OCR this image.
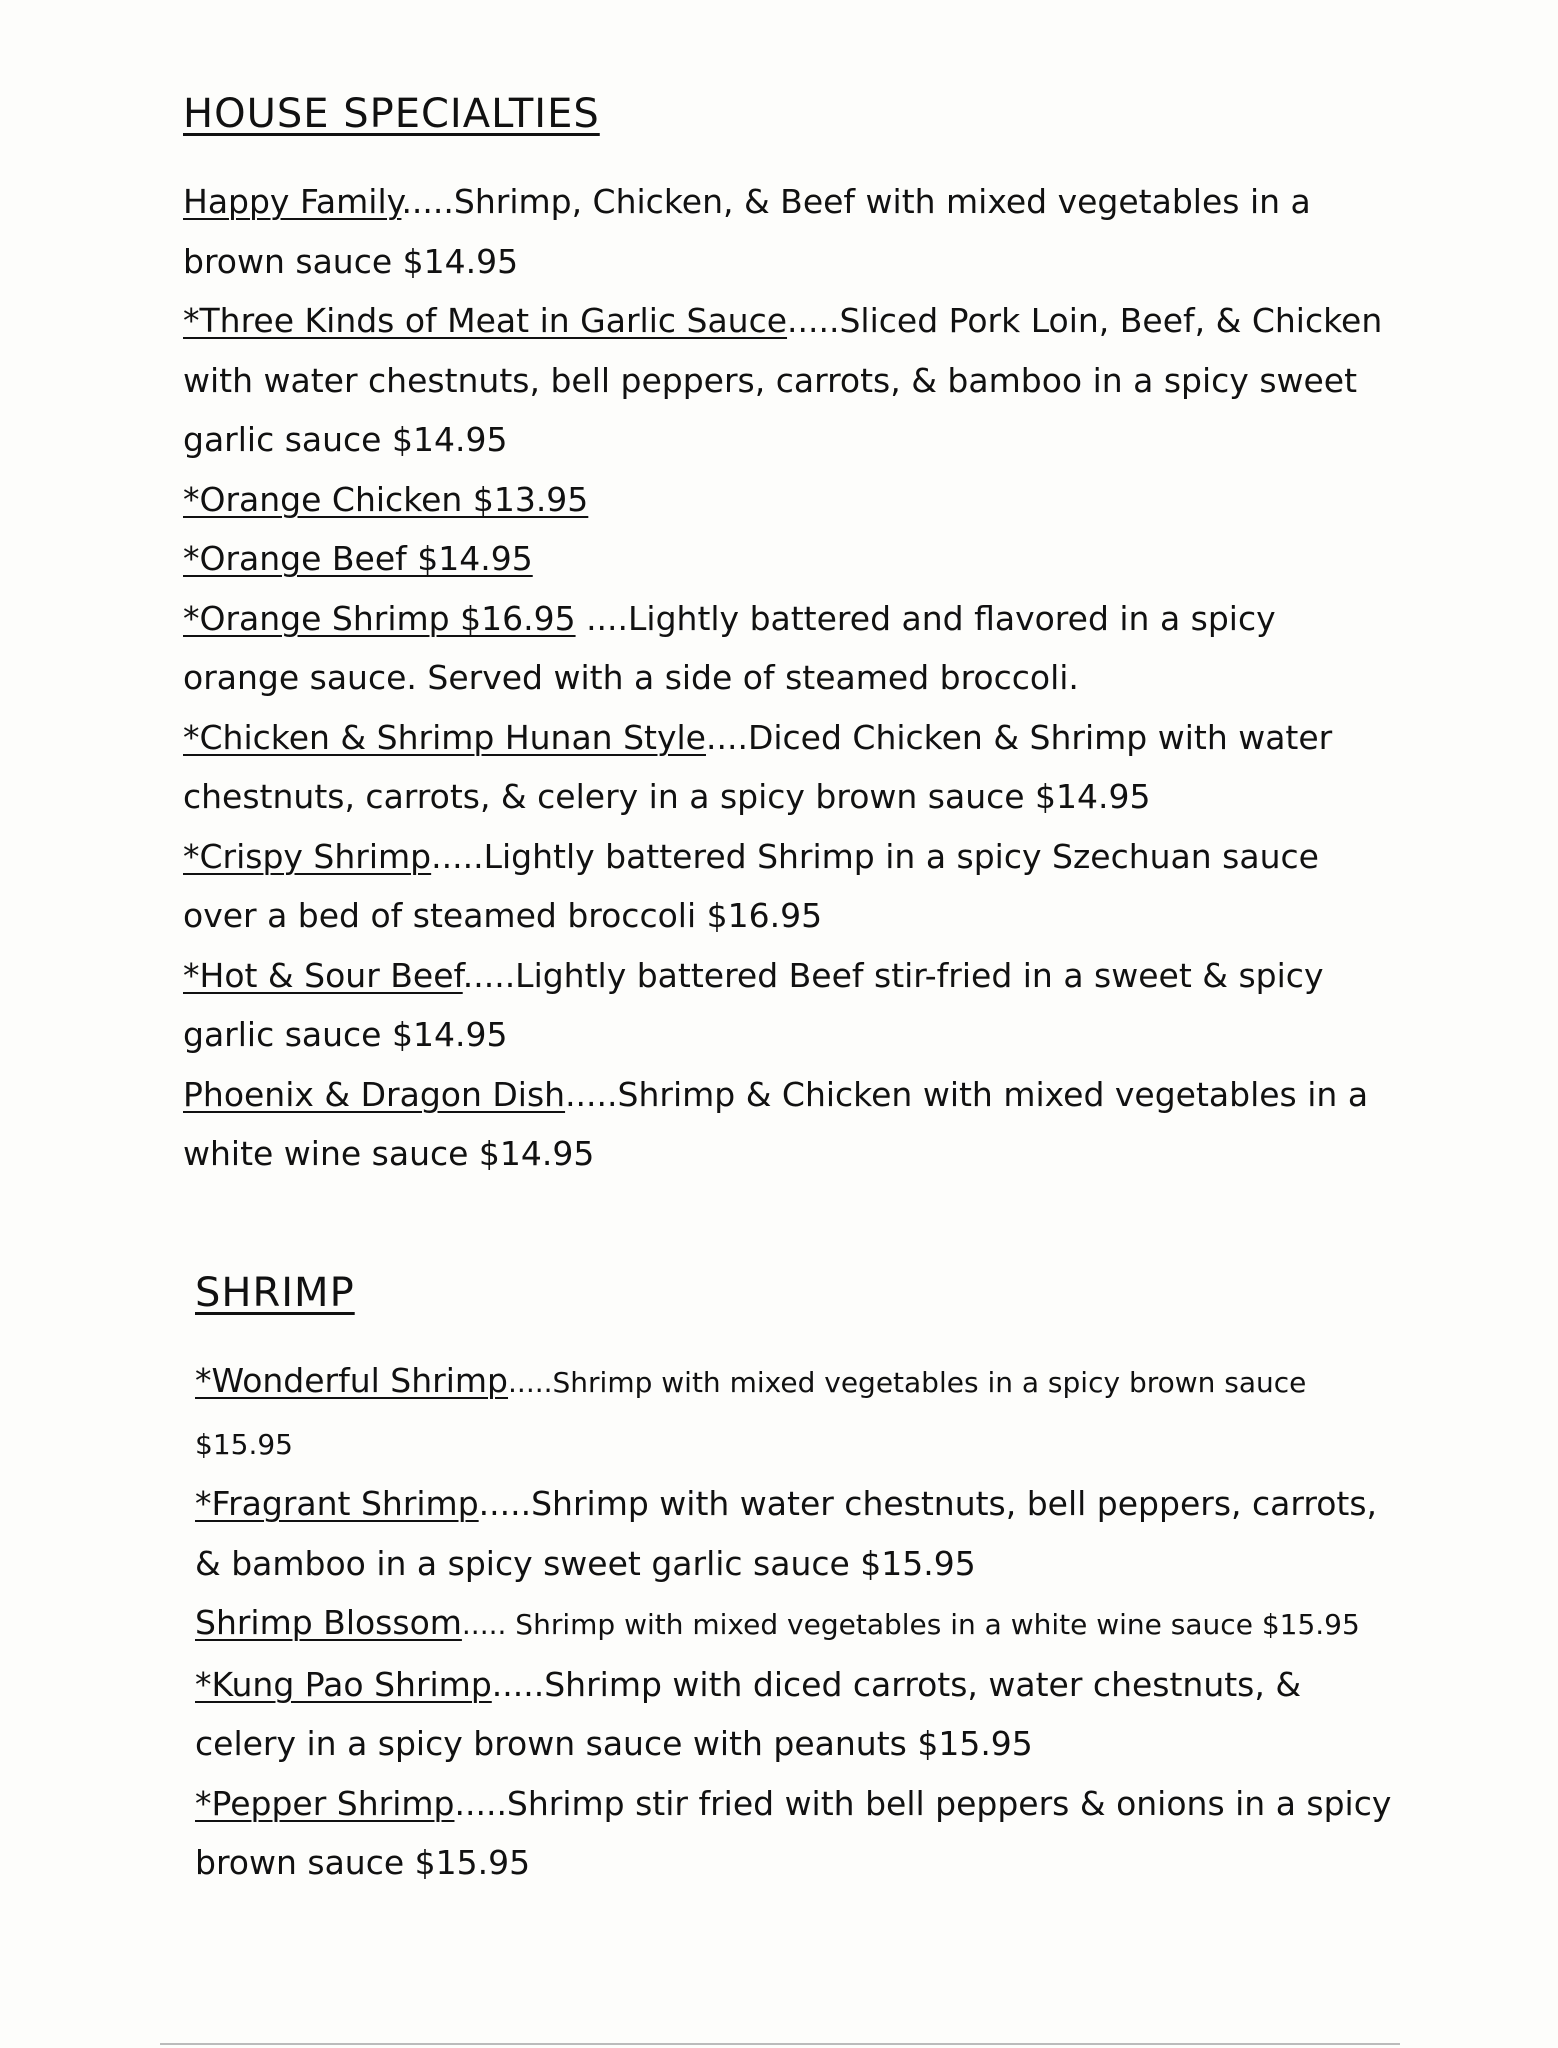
HOUSE SPECIALTIES

Happy Family.....Shrimp, Chicken, & Beef with mixed vegetables in a brown sauce $14.95

*Three Kinds of Meat in Garlic Sauce.....Sliced Pork Loin, Beef, & Chicken with water chestnuts, bell peppers, carrots, & bamboo in a spicy sweet garlic sauce $14.95

*Orange Chicken $13.95

*Orange Beef $14.95

*Orange Shrimp $16.95 ....Lightly battered and flavored in a spicy orange sauce. Served with a side of steamed broccoli.

*Chicken & Shrimp Hunan Style....Diced Chicken & Shrimp with water chestnuts, carrots, & celery in a spicy brown sauce $14.95

*Crispy Shrimp.....Lightly battered Shrimp in a spicy Szechuan sauce over a bed of steamed broccoli $16.95

*Hot & Sour Beef.....Lightly battered Beef stir-fried in a sweet & spicy garlic sauce $14.95

Phoenix & Dragon Dish.....Shrimp & Chicken with mixed vegetables in a white wine sauce $14.95

SHRIMP

*Wonderful Shrimp.....Shrimp with mixed vegetables in a spicy brown sauce $15.95

*Fragrant Shrimp.....Shrimp with water chestnuts, bell peppers, carrots, & bamboo in a spicy sweet garlic sauce $15.95

Shrimp Blossom..... Shrimp with mixed vegetables in a white wine sauce $15.95

*Kung Pao Shrimp.....Shrimp with diced carrots, water chestnuts, & celery in a spicy brown sauce with peanuts $15.95

*Pepper Shrimp.....Shrimp stir fried with bell peppers & onions in a spicy brown sauce $15.95
